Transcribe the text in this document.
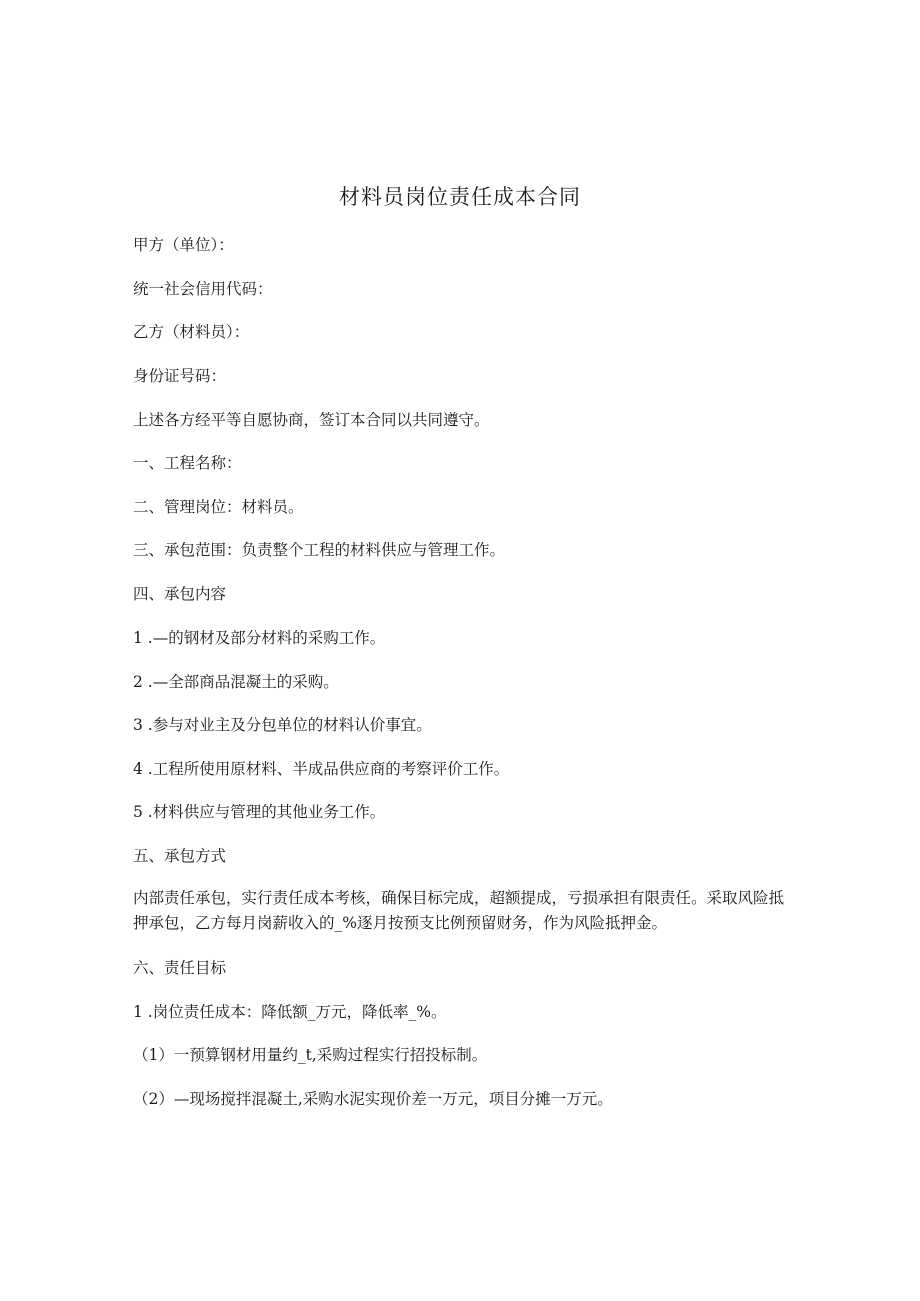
材料员岗位责任成本合同
甲方（单位）：
统一社会信用代码：
乙方（材料员）：
身份证号码：
上述各方经平等自愿协商，签订本合同以共同遵守。
一、工程名称：
二、管理岗位：材料员。
三、承包范围：负责整个工程的材料供应与管理工作。
四、承包内容
1 .—的钢材及部分材料的采购工作。
2 .—全部商品混凝土的采购。
3 .参与对业主及分包单位的材料认价事宜。
4 .工程所使用原材料、半成品供应商的考察评价工作。
5 .材料供应与管理的其他业务工作。
五、承包方式
内部责任承包，实行责任成本考核，确保目标完成，超额提成，亏损承担有限责任。采取风险抵押承包，乙方每月岗薪收入的_%逐月按预支比例预留财务，作为风险抵押金。
六、责任目标
1 .岗位责任成本：降低额_万元，降低率_%。
（1）一预算钢材用量约_t,采购过程实行招投标制。
（2）—现场搅拌混凝土,采购水泥实现价差一万元，项目分摊一万元。
